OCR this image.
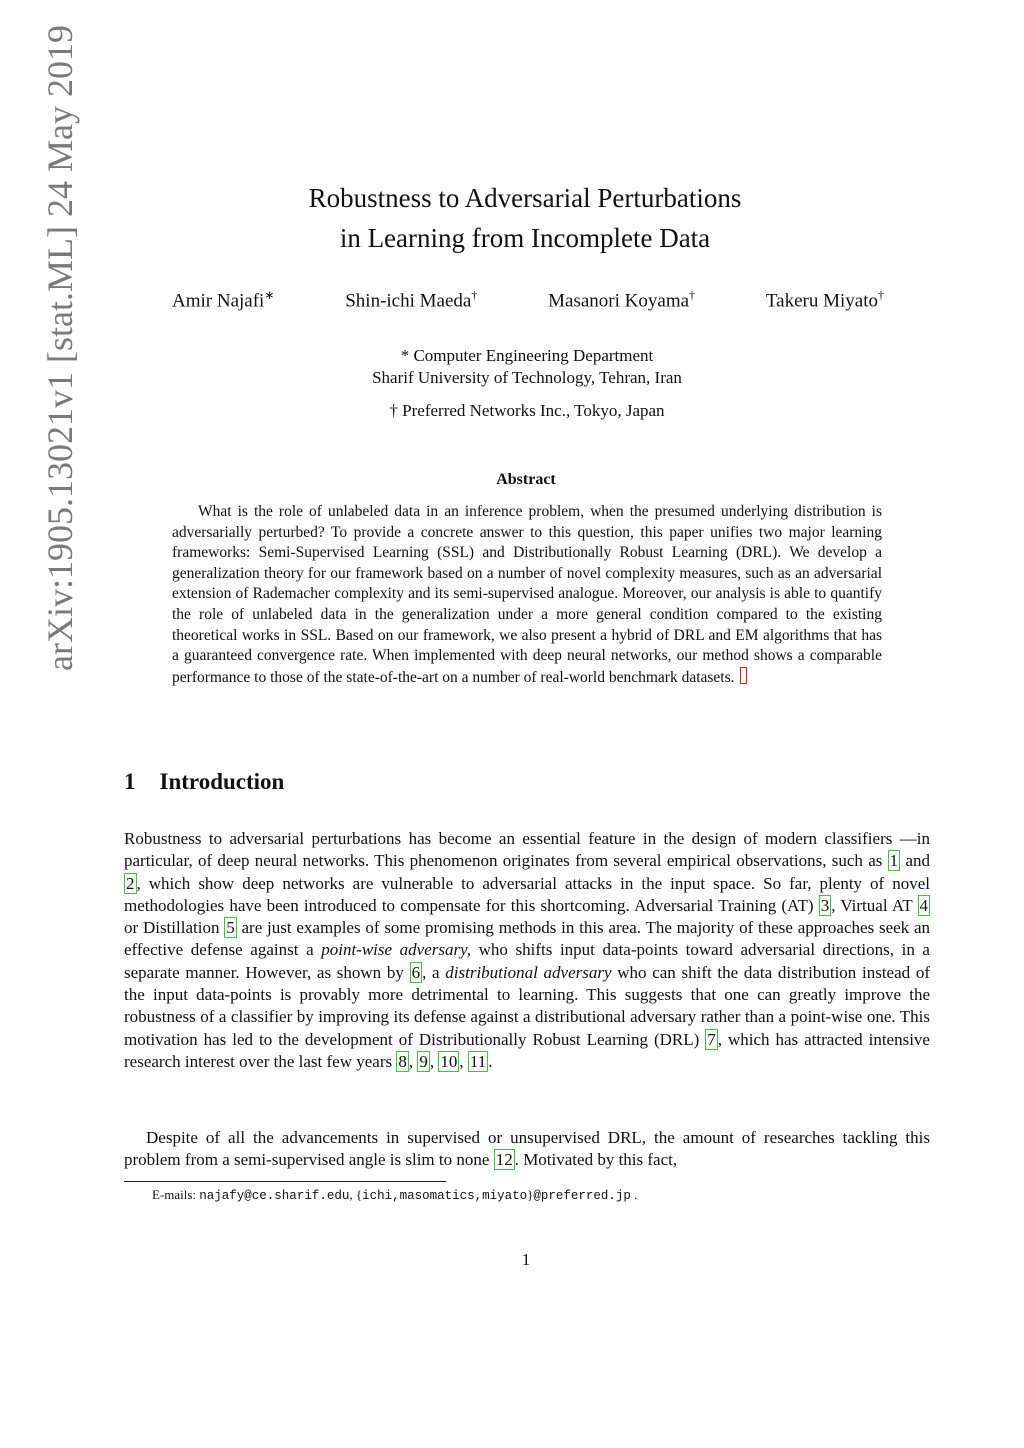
arXiv:1905.13021v1 [stat.ML] 24 May 2019	Robustness to Adversarial Perturbations
in Learning from Incomplete Data
Amir Najafi∗	Shin-ichi Maeda†	Masanori Koyama†	Takeru Miyato†
* Computer Engineering Department
Sharif University of Technology, Tehran, Iran
† Preferred Networks Inc., Tokyo, Japan
Abstract

What is the role of unlabeled data in an inference problem, when the presumed underlying distribution is adversarially perturbed? To provide a concrete answer to this question, this paper unifies two major learning frameworks: Semi-Supervised Learning (SSL) and Distributionally Robust Learning (DRL). We develop a generalization theory for our framework based on a number of novel complexity measures, such as an adversarial extension of Rademacher complexity and its semi-supervised analogue. Moreover, our analysis is able to quantify the role of unlabeled data in the generalization under a more general condition compared to the existing theoretical works in SSL. Based on our framework, we also present a hybrid of DRL and EM algorithms that has a guaranteed convergence rate. When implemented with deep neural networks, our method shows a comparable performance to those of the state-of-the-art on a number of real-world benchmark datasets.

1 Introduction

Robustness to adversarial perturbations has become an essential feature in the design of modern classifiers —in particular, of deep neural networks. This phenomenon originates from several empirical observations, such as 1 and 2 , which show deep networks are vulnerable to adversarial attacks in the input space. So far, plenty of novel methodologies have been introduced to compensate for this shortcoming. Adversarial Training (AT) 3 , Virtual AT 4 or Distillation 5 are just examples of some promising methods in this area. The majority of these approaches seek an effective defense against a point-wise adversary, who shifts input data-points toward adversarial directions, in a separate manner. However, as shown by 6 , a distributional adversary who can shift the data distribution instead of the input data-points is provably more detrimental to learning. This suggests that one can greatly improve the robustness of a classifier by improving its defense against a distributional adversary rather than a point-wise one. This motivation has led to the development of Distributionally Robust Learning (DRL) 7 , which has attracted intensive research interest over the last few years 8 , 9 , 10 , 11 .

Despite of all the advancements in supervised or unsupervised DRL, the amount of researches tackling this problem from a semi-supervised angle is slim to none 12 . Motivated by this fact,

E-mails: najafy@ce.sharif.edu, {ichi,masomatics,miyato}@preferred.jp .
1
